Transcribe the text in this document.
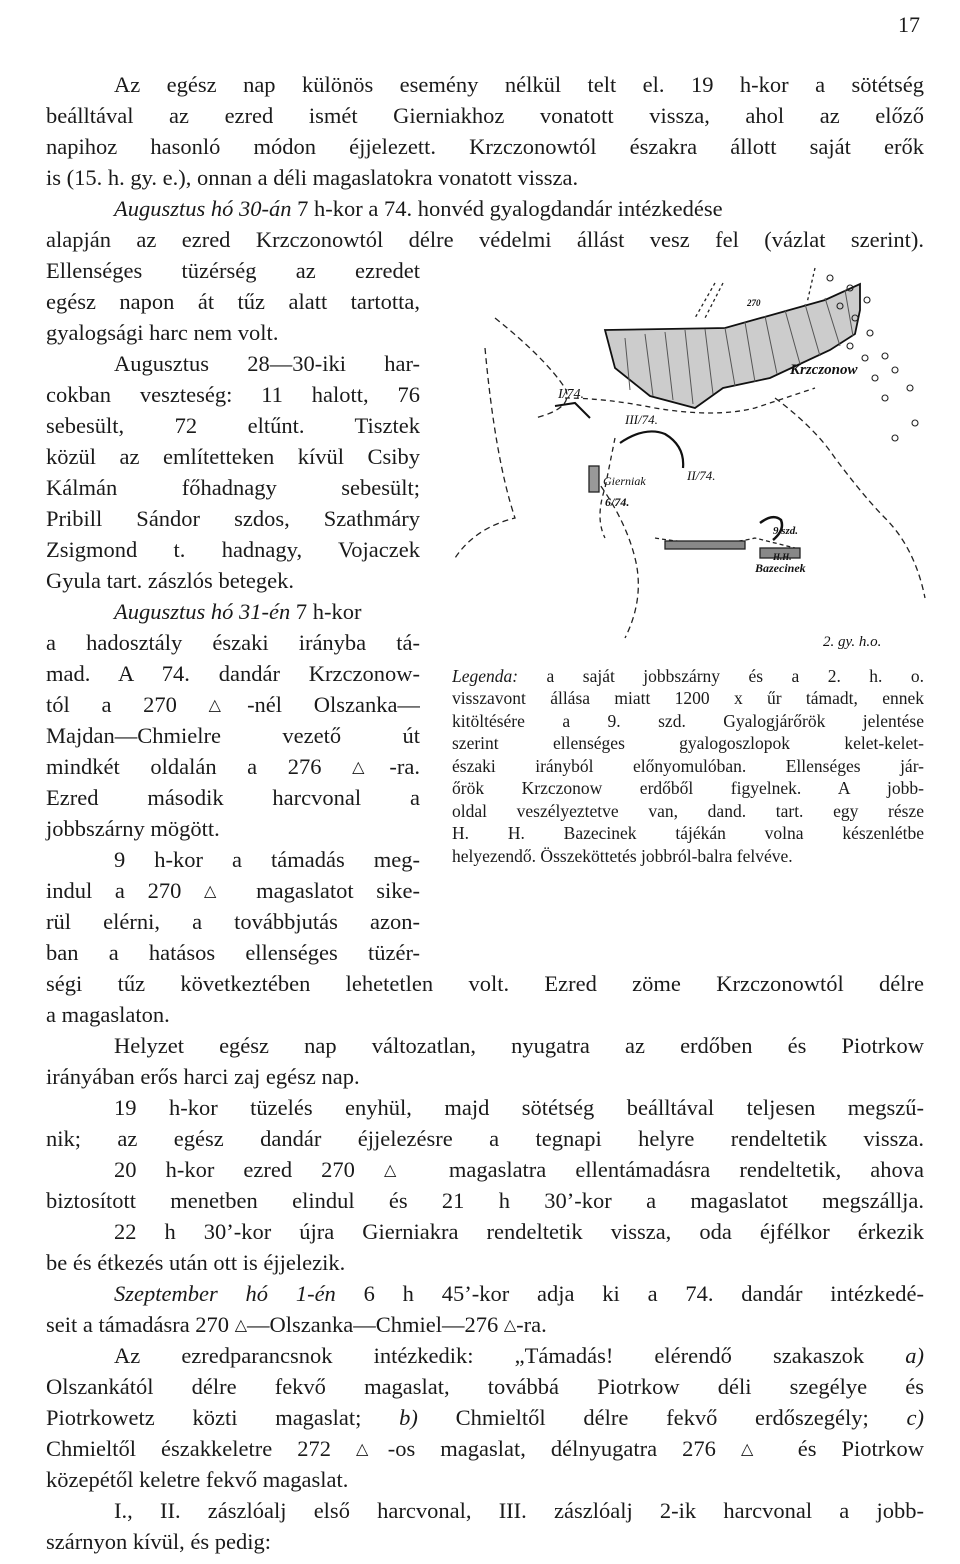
17
Az egész nap különös esemény nélkül telt el. 19 h-kor a sötétség
beálltával az ezred ismét Gierniakhoz vonatott vissza, ahol az előző
napihoz hasonló módon éjjelezett. Krzczonowtól északra állott saját erők
is (15. h. gy. e.), onnan a déli magaslatokra vonatott vissza.
Augusztus hó 30-án 7 h-kor a 74. honvéd gyalogdandár intézkedése
alapján az ezred Krzczonowtól délre védelmi állást vesz fel (vázlat szerint).
Ellenséges tüzérség az ezredet
egész napon át tűz alatt tartotta,
gyalogsági harc nem volt.
Augusztus 28—30-iki har-
cokban veszteség: 11 halott, 76
sebesült, 72 eltűnt. Tisztek
közül az említetteken kívül Csiby
Kálmán főhadnagy sebesült;
Pribill Sándor szdos, Szathmáry
Zsigmond t. hadnagy, Vojaczek
Gyula tart. zászlós betegek.
Augusztus hó 31-én 7 h-kor
a hadosztály északi irányba tá-
mad. A 74. dandár Krzczonow-
tól a 270 △-nél Olszanka—
Majdan—Chmielre vezető út
mindkét oldalán a 276 △-ra.
Ezred második harcvonal a
jobbszárny mögött.
9 h-kor a támadás meg-
indul a 270 △ magaslatot sike-
rül elérni, a továbbjutás azon-
ban a hatásos ellenséges tüzér-
Krzczonow
I/74.
III/74.
II/74.
Gierniak
6/74.
9.szd.
H.H.
Bazecinek
2. gy. h.o.
270
Legenda: a saját jobbszárny és a 2. h. o.
visszavont állása miatt 1200 x űr támadt, ennek
kitöltésére a 9. szd. Gyalogjárőrök jelentése
szerint ellenséges gyalogoszlopok kelet-kelet-
északi irányból előnyomulóban. Ellenséges jár-
őrök Krzczonow erdőből figyelnek. A jobb-
oldal veszélyeztetve van, dand. tart. egy része
H. H. Bazecinek tájékán volna készenlétbe
helyezendő. Összeköttetés jobbról-balra felvéve.
ségi tűz következtében lehetetlen volt. Ezred zöme Krzczonowtól délre
a magaslaton.
Helyzet egész nap változatlan, nyugatra az erdőben és Piotrkow
irányában erős harci zaj egész nap.
19 h-kor tüzelés enyhül, majd sötétség beálltával teljesen megszű-
nik; az egész dandár éjjelezésre a tegnapi helyre rendeltetik vissza.
20 h-kor ezred 270 △ magaslatra ellentámadásra rendeltetik, ahova
biztosított menetben elindul és 21 h 30’-kor a magaslatot megszállja.
22 h 30’-kor újra Gierniakra rendeltetik vissza, oda éjfélkor érkezik
be és étkezés után ott is éjjelezik.
Szeptember hó 1-én 6 h 45’-kor adja ki a 74. dandár intézkedé-
seit a támadásra 270 △—Olszanka—Chmiel—276 △-ra.
Az ezredparancsnok intézkedik: „Támadás! elérendő szakaszok a)
Olszankától délre fekvő magaslat, továbbá Piotrkow déli szegélye és
Piotrkowetz közti magaslat; b) Chmieltől délre fekvő erdőszegély; c)
Chmieltől északkeletre 272 △-os magaslat, délnyugatra 276 △ és Piotrkow
közepétől keletre fekvő magaslat.
I., II. zászlóalj első harcvonal, III. zászlóalj 2-ik harcvonal a jobb-
szárnyon kívül, és pedig:
